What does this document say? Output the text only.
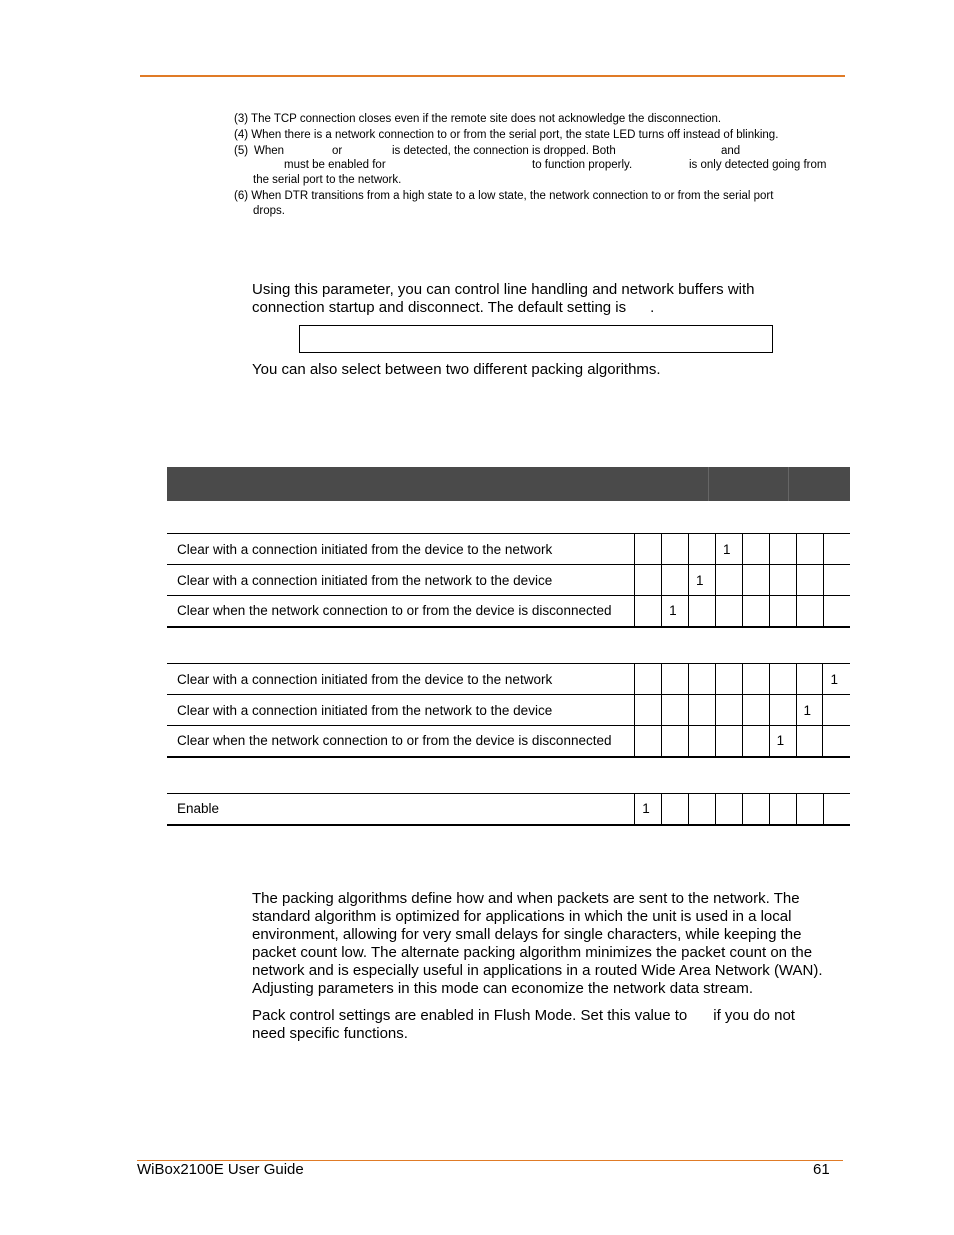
(3) The TCP connection closes even if the remote site does not acknowledge the disconnection.

(4) When there is a network connection to or from the serial port, the state LED turns off instead of blinking.

(5) When	or	is detected, the connection is dropped. Both	and
must be enabled for	to function properly.	is only detected going from
the serial port to the network.

(6) When DTR transitions from a high state to a low state, the network connection to or from the serial port

drops.

Using this parameter, you can control line handling and network buffers with connection startup and disconnect. The default setting is .

You can also select between two different packing algorithms.

Clear with a connection initiated from the device to the network				1				
Clear with a connection initiated from the network to the device			1					
Clear when the network connection to or from the device is disconnected		1						
Clear with a connection initiated from the device to the network								1
Clear with a connection initiated from the network to the device							1	
Clear when the network connection to or from the device is disconnected						1		
Enable	1							

The packing algorithms define how and when packets are sent to the network. The standard algorithm is optimized for applications in which the unit is used in a local environment, allowing for very small delays for single characters, while keeping the packet count low. The alternate packing algorithm minimizes the packet count on the network and is especially useful in applications in a routed Wide Area Network (WAN). Adjusting parameters in this mode can economize the network data stream.

Pack control settings are enabled in Flush Mode. Set this value to if you do not need specific functions.

WiBox2100E User Guide	61
